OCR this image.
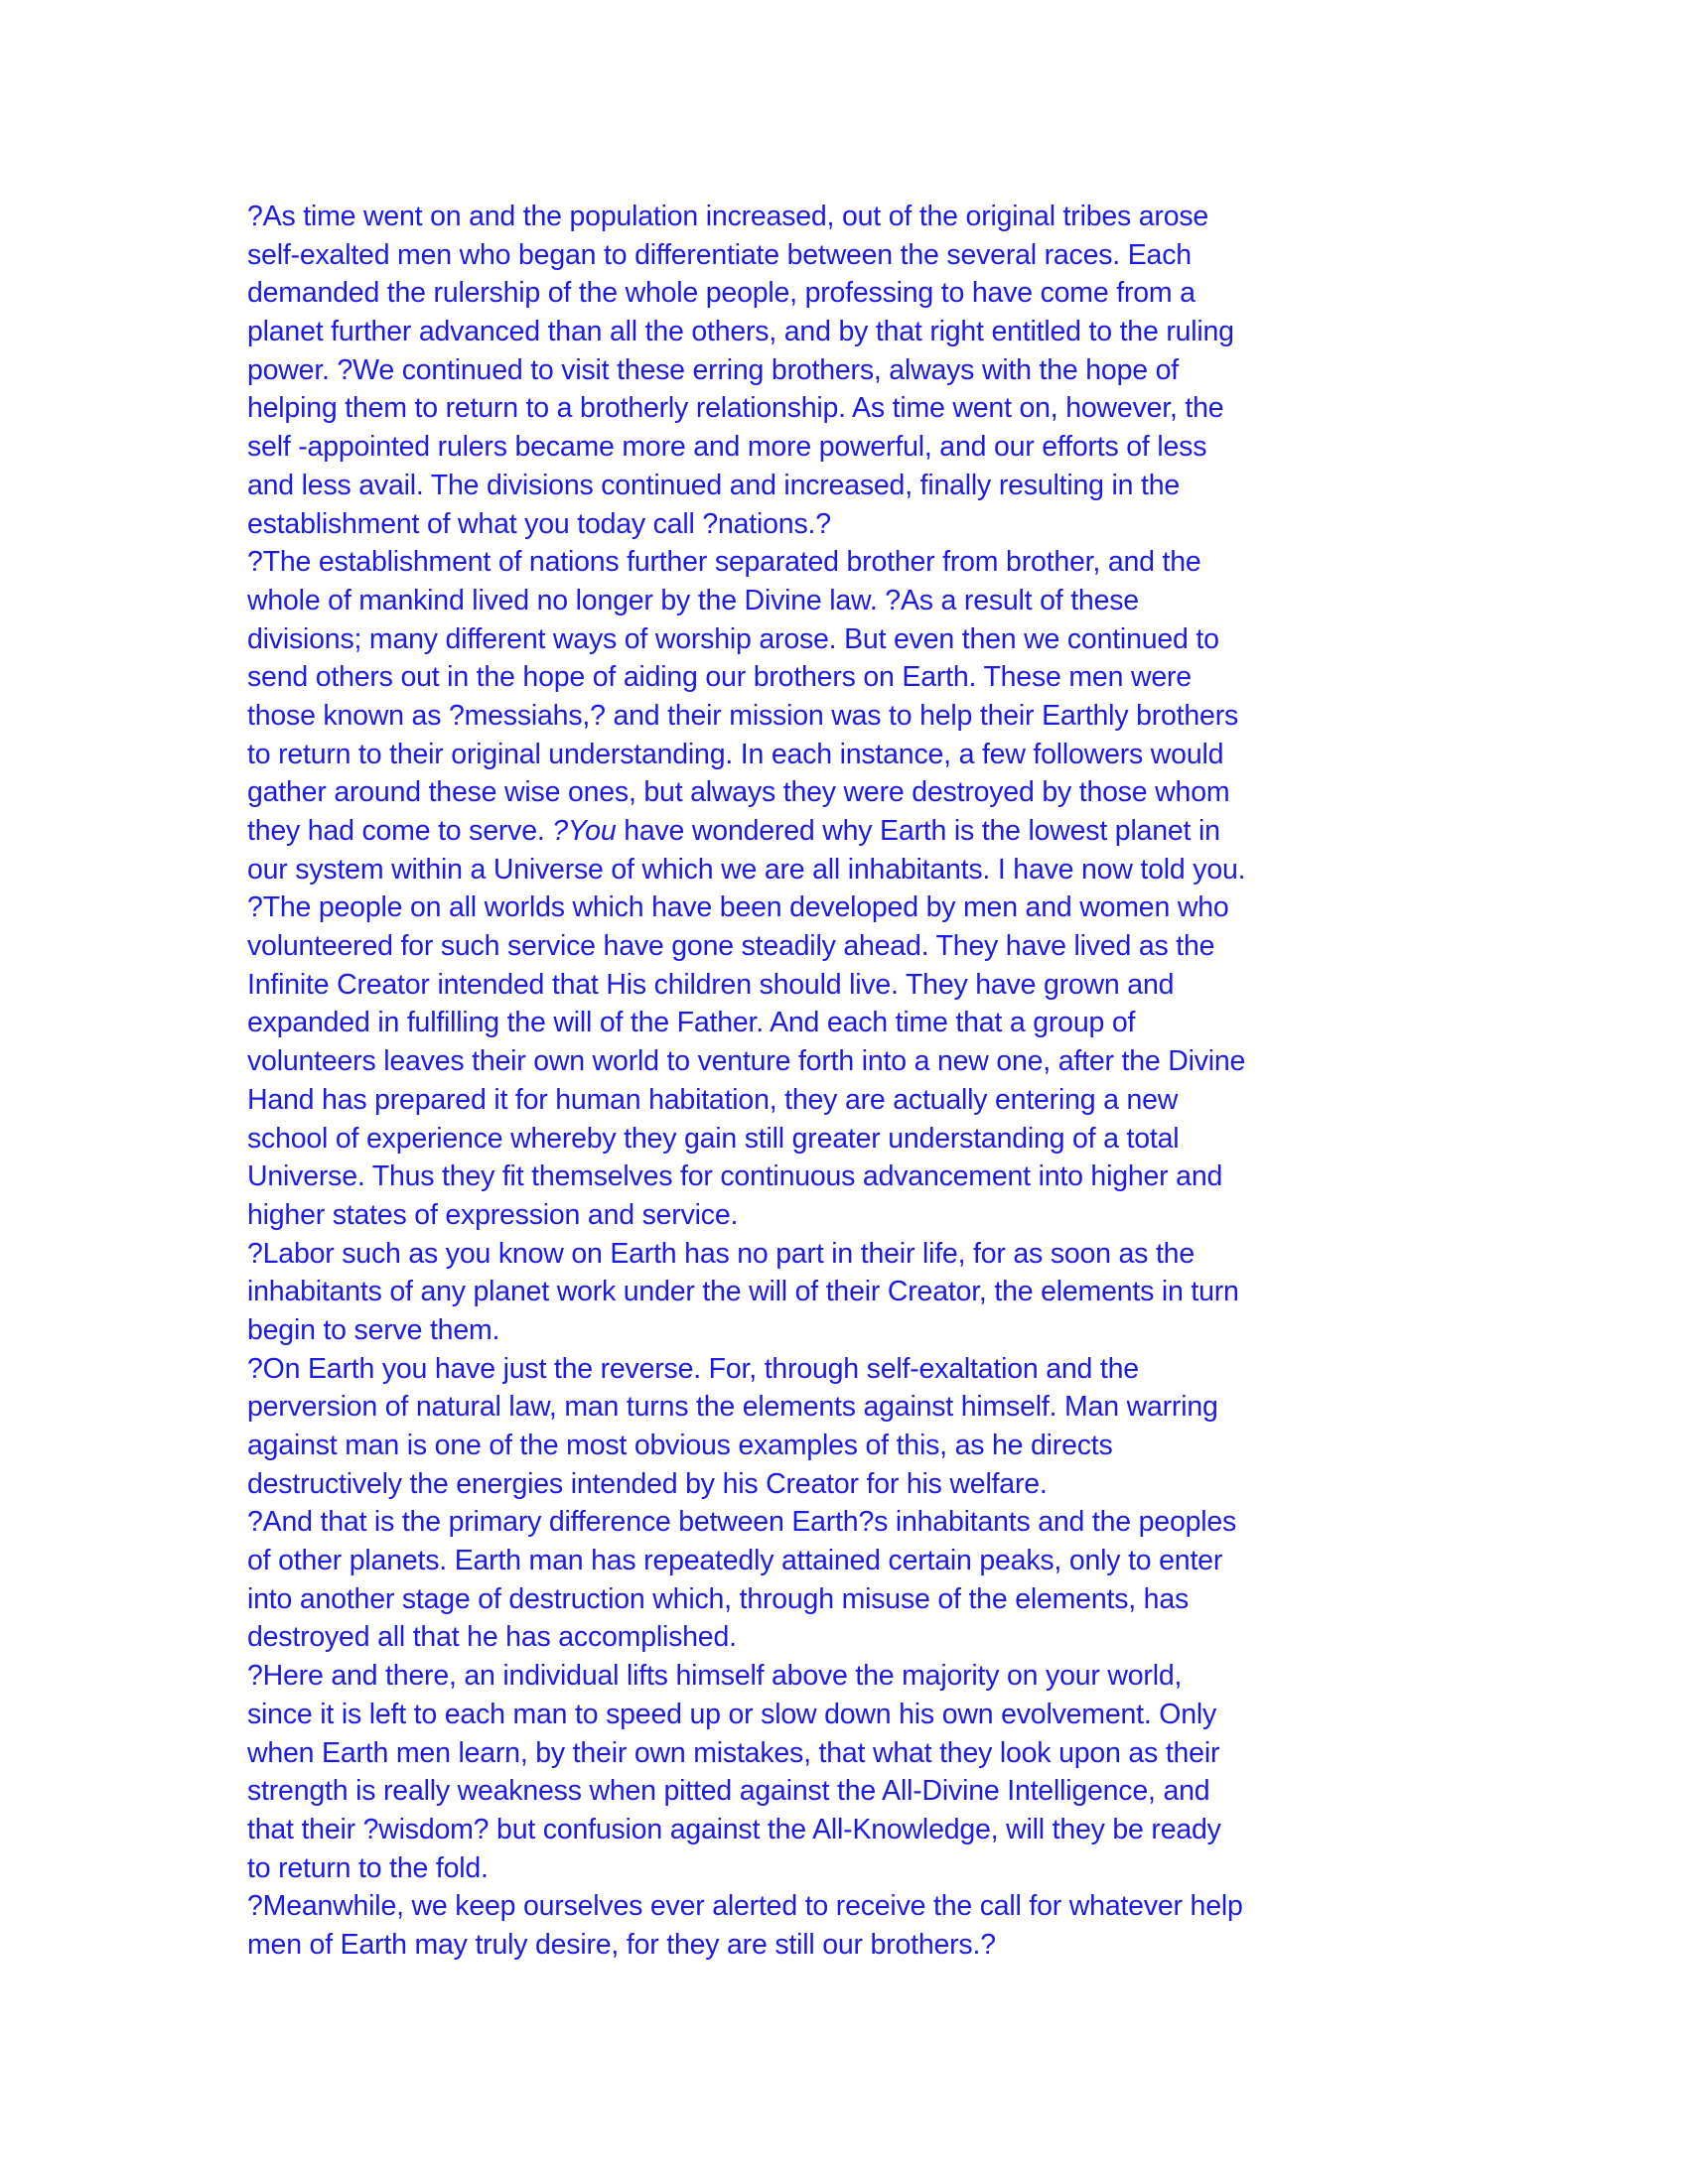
?As time went on and the population increased, out of the original tribes arose
self-exalted men who began to differentiate between the several races. Each
demanded the rulership of the whole people, professing to have come from a
planet further advanced than all the others, and by that right entitled to the ruling
power. ?We continued to visit these erring brothers, always with the hope of
helping them to return to a brotherly relationship. As time went on, however, the
self -appointed rulers became more and more powerful, and our efforts of less
and less avail. The divisions continued and increased, finally resulting in the
establishment of what you today call ?nations.?
?The establishment of nations further separated brother from brother, and the
whole of mankind lived no longer by the Divine law. ?As a result of these
divisions; many different ways of worship arose. But even then we continued to
send others out in the hope of aiding our brothers on Earth. These men were
those known as ?messiahs,? and their mission was to help their Earthly brothers
to return to their original understanding. In each instance, a few followers would
gather around these wise ones, but always they were destroyed by those whom
they had come to serve. ?You have wondered why Earth is the lowest planet in
our system within a Universe of which we are all inhabitants. I have now told you.
?The people on all worlds which have been developed by men and women who
volunteered for such service have gone steadily ahead. They have lived as the
Infinite Creator intended that His children should live. They have grown and
expanded in fulfilling the will of the Father. And each time that a group of
volunteers leaves their own world to venture forth into a new one, after the Divine
Hand has prepared it for human habitation, they are actually entering a new
school of experience whereby they gain still greater understanding of a total
Universe. Thus they fit themselves for continuous advancement into higher and
higher states of expression and service.
?Labor such as you know on Earth has no part in their life, for as soon as the
inhabitants of any planet work under the will of their Creator, the elements in turn
begin to serve them.
?On Earth you have just the reverse. For, through self-exaltation and the
perversion of natural law, man turns the elements against himself. Man warring
against man is one of the most obvious examples of this, as he directs
destructively the energies intended by his Creator for his welfare.
?And that is the primary difference between Earth?s inhabitants and the peoples
of other planets. Earth man has repeatedly attained certain peaks, only to enter
into another stage of destruction which, through misuse of the elements, has
destroyed all that he has accomplished.
?Here and there, an individual lifts himself above the majority on your world,
since it is left to each man to speed up or slow down his own evolvement. Only
when Earth men learn, by their own mistakes, that what they look upon as their
strength is really weakness when pitted against the All-Divine Intelligence, and
that their ?wisdom? but confusion against the All-Knowledge, will they be ready
to return to the fold.
?Meanwhile, we keep ourselves ever alerted to receive the call for whatever help
men of Earth may truly desire, for they are still our brothers.?
